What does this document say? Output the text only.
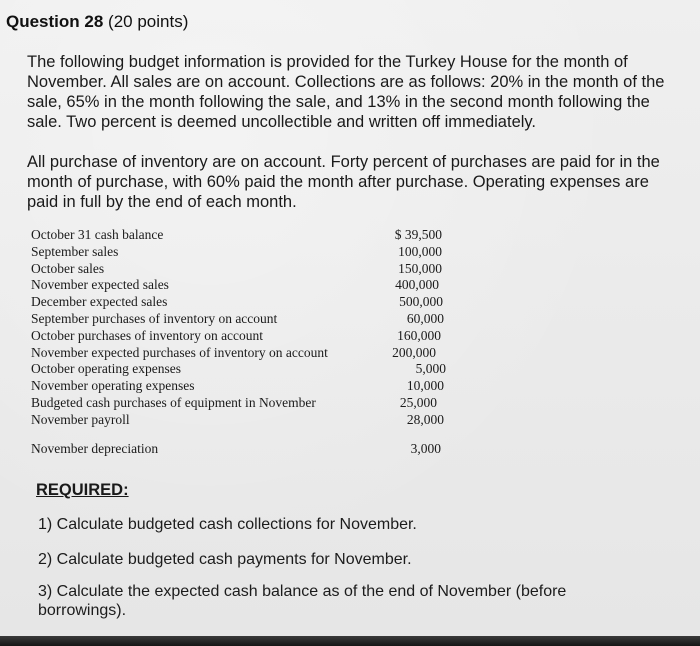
Question 28 (20 points)
The following budget information is provided for the Turkey House for the month of November. All sales are on account. Collections are as follows: 20% in the month of the sale, 65% in the month following the sale, and 13% in the second month following the sale. Two percent is deemed uncollectible and written off immediately.
All purchase of inventory are on account. Forty percent of purchases are paid for in the month of purchase, with 60% paid the month after purchase. Operating expenses are paid in full by the end of each month.
October 31 cash balance	$ 39,500
September sales	100,000
October sales	150,000
November expected sales	400,000
December expected sales	500,000
September purchases of inventory on account	60,000
October purchases of inventory on account	160,000
November expected purchases of inventory on account	200,000
October operating expenses	5,000
November operating expenses	10,000
Budgeted cash purchases of equipment in November	25,000
November payroll	28,000
November depreciation	3,000
REQUIRED:
1) Calculate budgeted cash collections for November.
2) Calculate budgeted cash payments for November.
3) Calculate the expected cash balance as of the end of November (before borrowings).
